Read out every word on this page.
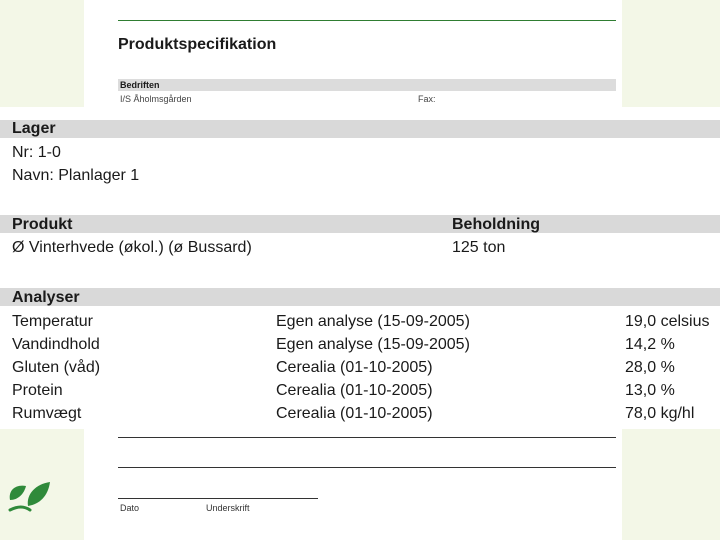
Produktspecifikation
Bedriften
I/S Åholmsgården	Fax:
Lager
Nr: 1-0
Navn: Planlager 1
Produkt	Beholdning
Ø Vinterhvede (økol.) (ø Bussard)	125 ton
Analyser
Temperatur	Egen analyse (15-09-2005)	19,0 celsius
Vandindhold	Egen analyse (15-09-2005)	14,2 %
Gluten (våd)	Cerealia (01-10-2005)	28,0 %
Protein	Cerealia (01-10-2005)	13,0 %
Rumvægt	Cerealia (01-10-2005)	78,0 kg/hl
Dato	Underskrift
